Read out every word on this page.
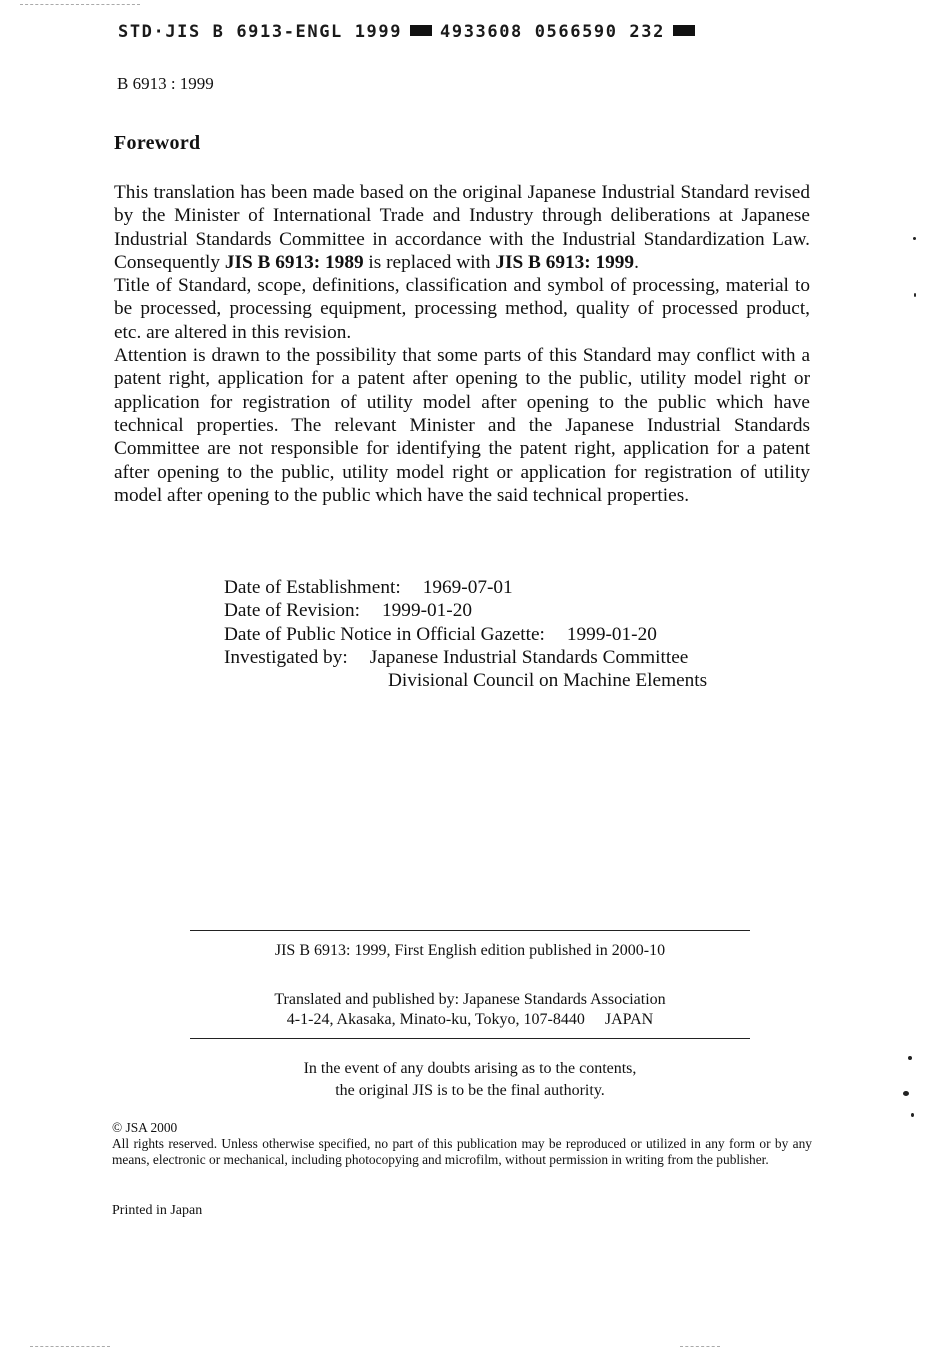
STD·JIS B 6913-ENGL 1999 4933608 0566590 232
B 6913 : 1999
Foreword

This translation has been made based on the original Japanese Industrial Standard revised by the Minister of International Trade and Industry through deliberations at Japanese Industrial Standards Committee in accordance with the Industrial Standardization Law. Consequently JIS B 6913: 1989 is replaced with JIS B 6913: 1999.

Title of Standard, scope, definitions, classification and symbol of processing, material to be processed, processing equipment, processing method, quality of processed product, etc. are altered in this revision.

Attention is drawn to the possibility that some parts of this Standard may conflict with a patent right, application for a patent after opening to the public, utility model right or application for registration of utility model after opening to the public which have technical properties. The relevant Minister and the Japanese Industrial Standards Committee are not responsible for identifying the patent right, application for a patent after opening to the public, utility model right or application for registration of utility model after opening to the public which have the said technical properties.

Date of Establishment: 1969-07-01
Date of Revision: 1999-01-20
Date of Public Notice in Official Gazette: 1999-01-20
Investigated by: Japanese Industrial Standards Committee
Divisional Council on Machine Elements
JIS B 6913: 1999, First English edition published in 2000-10
Translated and published by: Japanese Standards Association
4-1-24, Akasaka, Minato-ku, Tokyo, 107-8440  JAPAN
In the event of any doubts arising as to the contents,
the original JIS is to be the final authority.
© JSA 2000
All rights reserved. Unless otherwise specified, no part of this publication may be reproduced or utilized in any form or by any means, electronic or mechanical, including photocopying and microfilm, without permission in writing from the publisher.
Printed in Japan
